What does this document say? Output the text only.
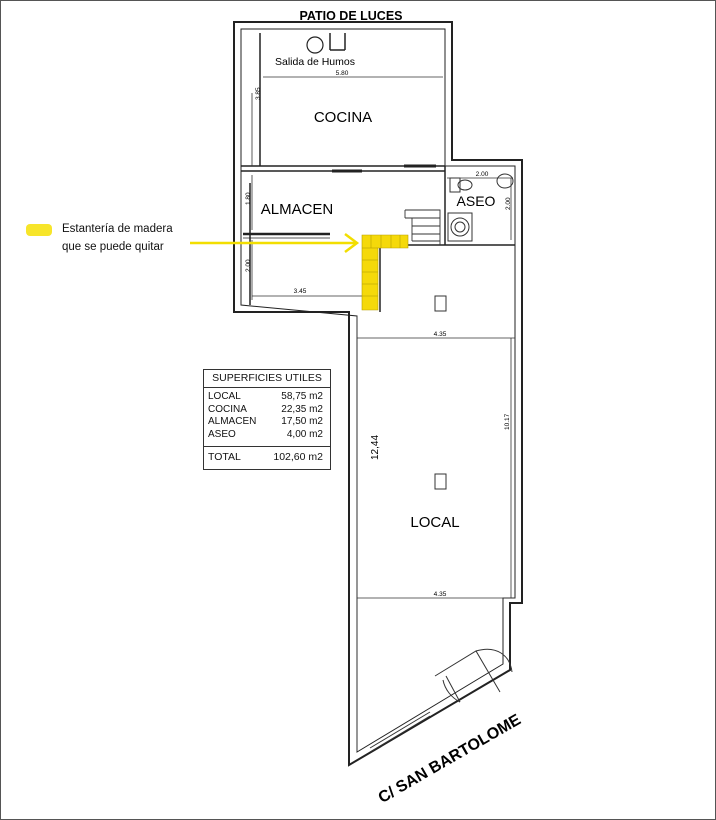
PATIO DE LUCES
Salida de Humos
COCINA
ALMACEN	ASEO
LOCAL
5.80
3.85
1.80
2.00
3.45
2.00
2.00
4.35
4.35
10.17
12,44
C/ SAN BARTOLOME
Estantería de madera
que se puede quitar
SUPERFICIES UTILES
LOCAL	58,75 m2
COCINA	22,35 m2
ALMACEN 17,50 m2
ASEO	4,00 m2
TOTAL	102,60 m2
